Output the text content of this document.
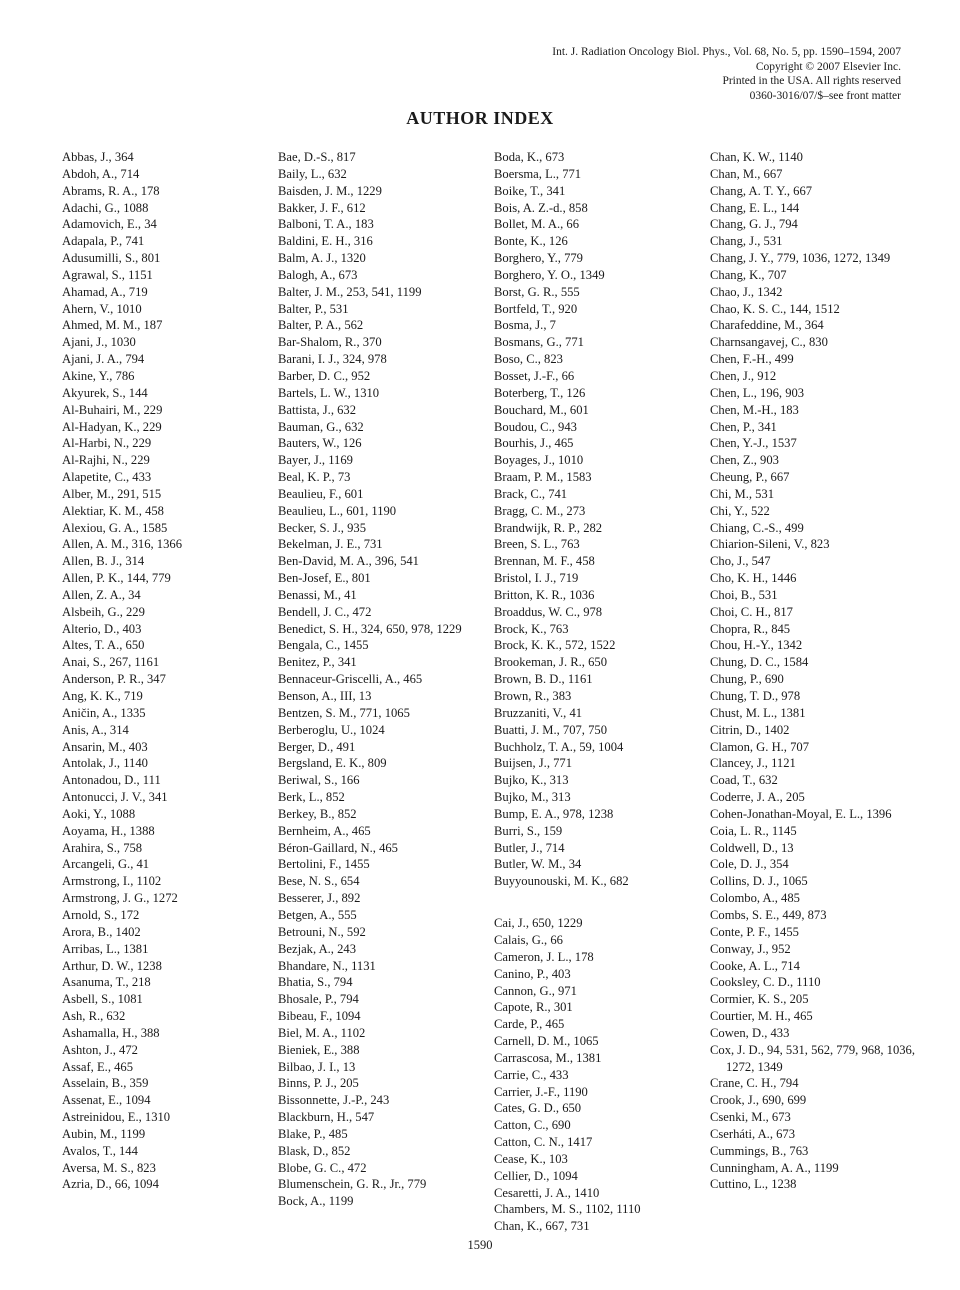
Int. J. Radiation Oncology Biol. Phys., Vol. 68, No. 5, pp. 1590–1594, 2007
Copyright © 2007 Elsevier Inc.
Printed in the USA. All rights reserved
0360-3016/07/$–see front matter
AUTHOR INDEX
Abbas, J., 364
Abdoh, A., 714
Abrams, R. A., 178
Adachi, G., 1088
Adamovich, E., 34
Adapala, P., 741
Adusumilli, S., 801
Agrawal, S., 1151
Ahamad, A., 719
Ahern, V., 1010
Ahmed, M. M., 187
Ajani, J., 1030
Ajani, J. A., 794
Akine, Y., 786
Akyurek, S., 144
Al-Buhairi, M., 229
Al-Hadyan, K., 229
Al-Harbi, N., 229
Al-Rajhi, N., 229
Alapetite, C., 433
Alber, M., 291, 515
Alektiar, K. M., 458
Alexiou, G. A., 1585
Allen, A. M., 316, 1366
Allen, B. J., 314
Allen, P. K., 144, 779
Allen, Z. A., 34
Alsbeih, G., 229
Alterio, D., 403
Altes, T. A., 650
Anai, S., 267, 1161
Anderson, P. R., 347
Ang, K. K., 719
Aničin, A., 1335
Anis, A., 314
Ansarin, M., 403
Antolak, J., 1140
Antonadou, D., 111
Antonucci, J. V., 341
Aoki, Y., 1088
Aoyama, H., 1388
Arahira, S., 758
Arcangeli, G., 41
Armstrong, I., 1102
Armstrong, J. G., 1272
Arnold, S., 172
Arora, B., 1402
Arribas, L., 1381
Arthur, D. W., 1238
Asanuma, T., 218
Asbell, S., 1081
Ash, R., 632
Ashamalla, H., 388
Ashton, J., 472
Assaf, E., 465
Asselain, B., 359
Assenat, E., 1094
Astreinidou, E., 1310
Aubin, M., 1199
Avalos, T., 144
Aversa, M. S., 823
Azria, D., 66, 1094
Bae, D.-S., 817
Baily, L., 632
Baisden, J. M., 1229
Bakker, J. F., 612
Balboni, T. A., 183
Baldini, E. H., 316
Balm, A. J., 1320
Balogh, A., 673
Balter, J. M., 253, 541, 1199
Balter, P., 531
Balter, P. A., 562
Bar-Shalom, R., 370
Barani, I. J., 324, 978
Barber, D. C., 952
Bartels, L. W., 1310
Battista, J., 632
Bauman, G., 632
Bauters, W., 126
Bayer, J., 1169
Beal, K. P., 73
Beaulieu, F., 601
Beaulieu, L., 601, 1190
Becker, S. J., 935
Bekelman, J. E., 731
Ben-David, M. A., 396, 541
Ben-Josef, E., 801
Benassi, M., 41
Bendell, J. C., 472
Benedict, S. H., 324, 650, 978, 1229
Bengala, C., 1455
Benitez, P., 341
Bennaceur-Griscelli, A., 465
Benson, A., III, 13
Bentzen, S. M., 771, 1065
Berberoglu, U., 1024
Berger, D., 491
Bergsland, E. K., 809
Beriwal, S., 166
Berk, L., 852
Berkey, B., 852
Bernheim, A., 465
Béron-Gaillard, N., 465
Bertolini, F., 1455
Bese, N. S., 654
Besserer, J., 892
Betgen, A., 555
Betrouni, N., 592
Bezjak, A., 243
Bhandare, N., 1131
Bhatia, S., 794
Bhosale, P., 794
Bibeau, F., 1094
Biel, M. A., 1102
Bieniek, E., 388
Bilbao, J. I., 13
Binns, P. J., 205
Bissonnette, J.-P., 243
Blackburn, H., 547
Blake, P., 485
Blask, D., 852
Blobe, G. C., 472
Blumenschein, G. R., Jr., 779
Bock, A., 1199
Boda, K., 673
Boersma, L., 771
Boike, T., 341
Bois, A. Z.-d., 858
Bollet, M. A., 66
Bonte, K., 126
Borghero, Y., 779
Borghero, Y. O., 1349
Borst, G. R., 555
Bortfeld, T., 920
Bosma, J., 7
Bosmans, G., 771
Boso, C., 823
Bosset, J.-F., 66
Boterberg, T., 126
Bouchard, M., 601
Boudou, C., 943
Bourhis, J., 465
Boyages, J., 1010
Braam, P. M., 1583
Brack, C., 741
Bragg, C. M., 273
Brandwijk, R. P., 282
Breen, S. L., 763
Brennan, M. F., 458
Bristol, I. J., 719
Britton, K. R., 1036
Broaddus, W. C., 978
Brock, K., 763
Brock, K. K., 572, 1522
Brookeman, J. R., 650
Brown, B. D., 1161
Brown, R., 383
Bruzzaniti, V., 41
Buatti, J. M., 707, 750
Buchholz, T. A., 59, 1004
Buijsen, J., 771
Bujko, K., 313
Bujko, M., 313
Bump, E. A., 978, 1238
Burri, S., 159
Butler, J., 714
Butler, W. M., 34
Buyyounouski, M. K., 682
Cai, J., 650, 1229
Calais, G., 66
Cameron, J. L., 178
Canino, P., 403
Cannon, G., 971
Capote, R., 301
Carde, P., 465
Carnell, D. M., 1065
Carrascosa, M., 1381
Carrie, C., 433
Carrier, J.-F., 1190
Cates, G. D., 650
Catton, C., 690
Catton, C. N., 1417
Cease, K., 103
Cellier, D., 1094
Cesaretti, J. A., 1410
Chambers, M. S., 1102, 1110
Chan, K., 667, 731
Chan, K. W., 1140
Chan, M., 667
Chang, A. T. Y., 667
Chang, E. L., 144
Chang, G. J., 794
Chang, J., 531
Chang, J. Y., 779, 1036, 1272, 1349
Chang, K., 707
Chao, J., 1342
Chao, K. S. C., 144, 1512
Charafeddine, M., 364
Charnsangavej, C., 830
Chen, F.-H., 499
Chen, J., 912
Chen, L., 196, 903
Chen, M.-H., 183
Chen, P., 341
Chen, Y.-J., 1537
Chen, Z., 903
Cheung, P., 667
Chi, M., 531
Chi, Y., 522
Chiang, C.-S., 499
Chiarion-Sileni, V., 823
Cho, J., 547
Cho, K. H., 1446
Choi, B., 531
Choi, C. H., 817
Chopra, R., 845
Chou, H.-Y., 1342
Chung, D. C., 1584
Chung, P., 690
Chung, T. D., 978
Chust, M. L., 1381
Citrin, D., 1402
Clamon, G. H., 707
Clancey, J., 1121
Coad, T., 632
Coderre, J. A., 205
Cohen-Jonathan-Moyal, E. L., 1396
Coia, L. R., 1145
Coldwell, D., 13
Cole, D. J., 354
Collins, D. J., 1065
Colombo, A., 485
Combs, S. E., 449, 873
Conte, P. F., 1455
Conway, J., 952
Cooke, A. L., 714
Cooksley, C. D., 1110
Cormier, K. S., 205
Courtier, M. H., 465
Cowen, D., 433
Cox, J. D., 94, 531, 562, 779, 968, 1036, 1272, 1349
Crane, C. H., 794
Crook, J., 690, 699
Csenki, M., 673
Cserháti, A., 673
Cummings, B., 763
Cunningham, A. A., 1199
Cuttino, L., 1238
1590
